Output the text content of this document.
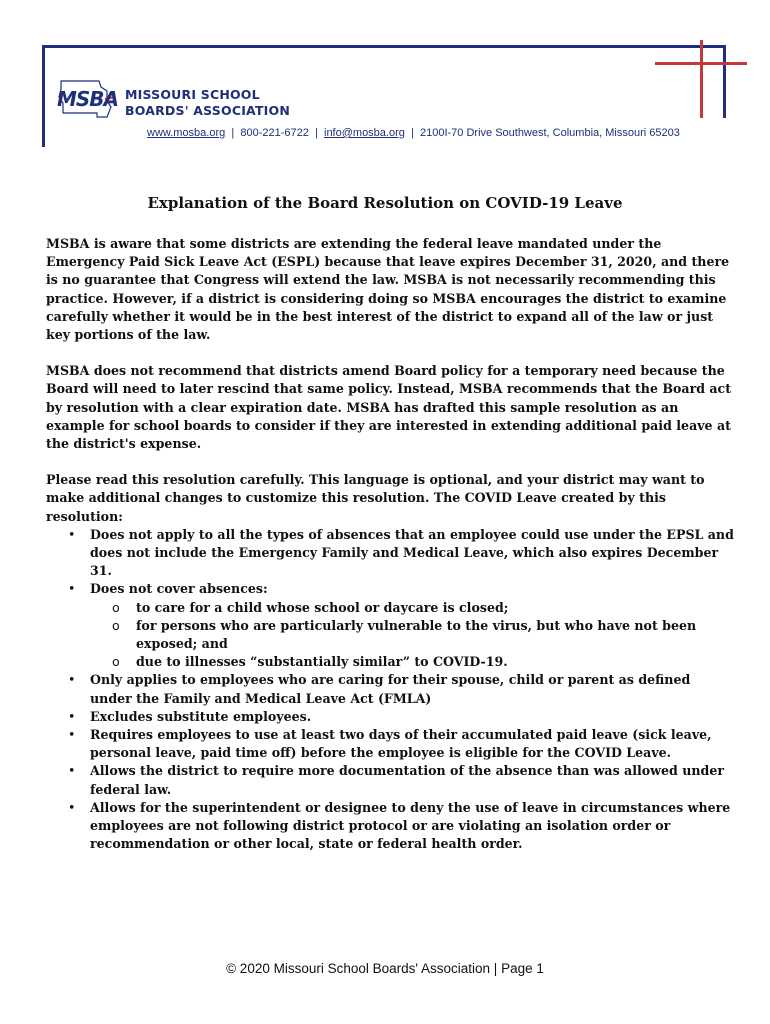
MSBA MISSOURI SCHOOL
BOARDS' ASSOCIATION
www.mosba.org | 800-221-6722 | info@mosba.org | 2100I-70 Drive Southwest, Columbia, Missouri 65203
Explanation of the Board Resolution on COVID-19 Leave

MSBA is aware that some districts are extending the federal leave mandated under the Emergency Paid Sick Leave Act (ESPL) because that leave expires December 31, 2020, and there is no guarantee that Congress will extend the law. MSBA is not necessarily recommending this practice. However, if a district is considering doing so MSBA encourages the district to examine carefully whether it would be in the best interest of the district to expand all of the law or just key portions of the law.

MSBA does not recommend that districts amend Board policy for a temporary need because the Board will need to later rescind that same policy. Instead, MSBA recommends that the Board act by resolution with a clear expiration date. MSBA has drafted this sample resolution as an example for school boards to consider if they are interested in extending additional paid leave at the district's expense.

Please read this resolution carefully. This language is optional, and your district may want to make additional changes to customize this resolution. The COVID Leave created by this resolution:

• Does not apply to all the types of absences that an employee could use under the EPSL and does not include the Emergency Family and Medical Leave, which also expires December 31.
• Does not cover absences:
o to care for a child whose school or daycare is closed;
o for persons who are particularly vulnerable to the virus, but who have not been exposed; and
o due to illnesses “substantially similar” to COVID-19.
• Only applies to employees who are caring for their spouse, child or parent as defined under the Family and Medical Leave Act (FMLA)
• Excludes substitute employees.
• Requires employees to use at least two days of their accumulated paid leave (sick leave, personal leave, paid time off) before the employee is eligible for the COVID Leave.
• Allows the district to require more documentation of the absence than was allowed under federal law.
• Allows for the superintendent or designee to deny the use of leave in circumstances where employees are not following district protocol or are violating an isolation order or recommendation or other local, state or federal health order.
© 2020 Missouri School Boards' Association | Page 1
